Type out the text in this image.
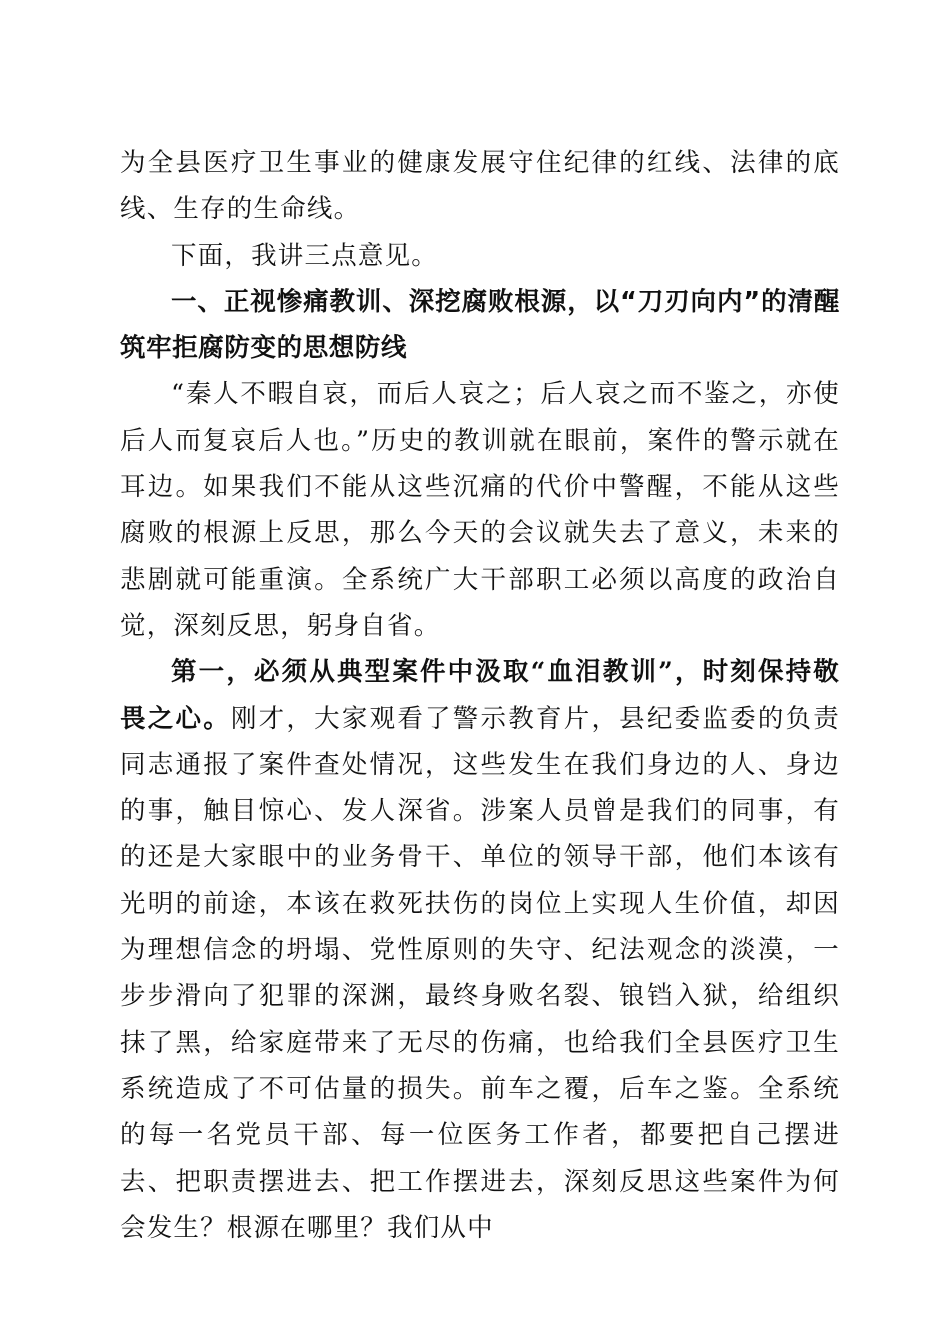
为全县医疗卫生事业的健康发展守住纪律的红线、法律的底线、生存的生命线。

下面，我讲三点意见。

一、正视惨痛教训、深挖腐败根源，以“刀刃向内”的清醒筑牢拒腐防变的思想防线

“秦人不暇自哀，而后人哀之；后人哀之而不鉴之，亦使后人而复哀后人也。”历史的教训就在眼前，案件的警示就在耳边。如果我们不能从这些沉痛的代价中警醒，不能从这些腐败的根源上反思，那么今天的会议就失去了意义，未来的悲剧就可能重演。全系统广大干部职工必须以高度的政治自觉，深刻反思，躬身自省。

第一，必须从典型案件中汲取“血泪教训”，时刻保持敬畏之心。刚才，大家观看了警示教育片，县纪委监委的负责同志通报了案件查处情况，这些发生在我们身边的人、身边的事，触目惊心、发人深省。涉案人员曾是我们的同事，有的还是大家眼中的业务骨干、单位的领导干部，他们本该有光明的前途，本该在救死扶伤的岗位上实现人生价值，却因为理想信念的坍塌、党性原则的失守、纪法观念的淡漠，一步步滑向了犯罪的深渊，最终身败名裂、锒铛入狱，给组织抹了黑，给家庭带来了无尽的伤痛，也给我们全县医疗卫生系统造成了不可估量的损失。前车之覆，后车之鉴。全系统的每一名党员干部、每一位医务工作者，都要把自己摆进去、把职责摆进去、把工作摆进去，深刻反思这些案件为何会发生？根源在哪里？我们从中
